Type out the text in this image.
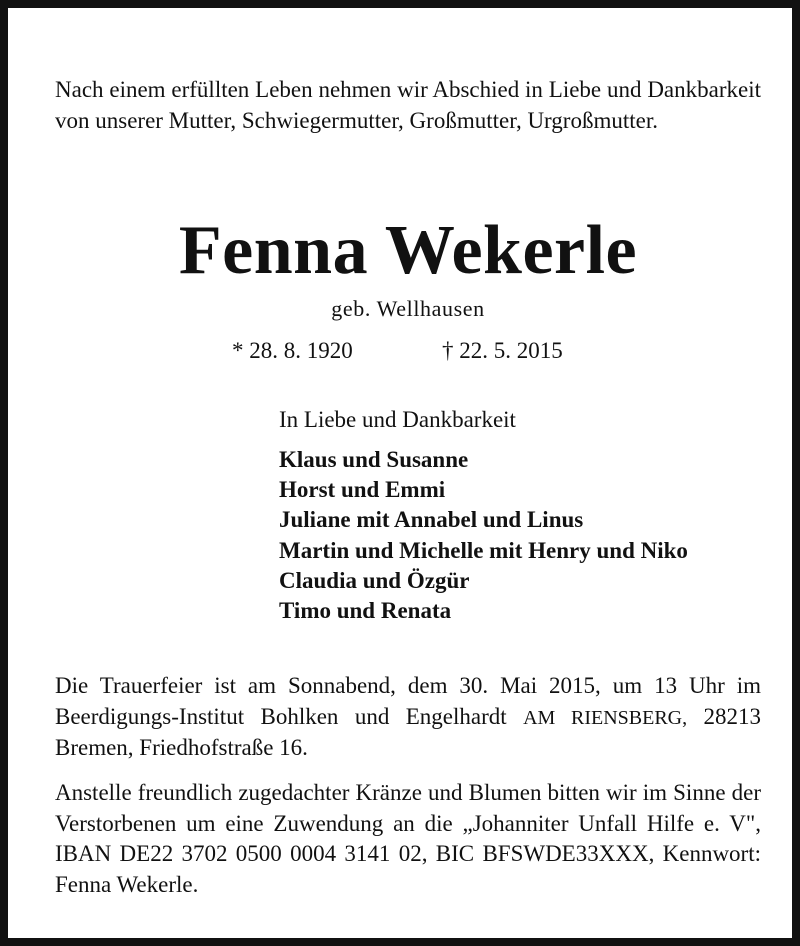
Nach einem erfüllten Leben nehmen wir Abschied in Liebe und Dankbarkeit von unserer Mutter, Schwiegermutter, Großmutter, Urgroßmutter.

Fenna Wekerle

geb. Wellhausen

* 28. 8. 1920	† 22. 5. 2015

In Liebe und Dankbarkeit

Klaus und Susanne
Horst und Emmi
Juliane mit Annabel und Linus
Martin und Michelle mit Henry und Niko
Claudia und Özgür
Timo und Renata

Die Trauerfeier ist am Sonnabend, dem 30. Mai 2015, um 13 Uhr im Beerdigungs-Institut Bohlken und Engelhardt AM RIENSBERG, 28213 Bremen, Friedhofstraße 16.

Anstelle freundlich zugedachter Kränze und Blumen bitten wir im Sinne der Verstorbenen um eine Zuwendung an die „Johanniter Unfall Hilfe e. V", IBAN DE22 3702 0500 0004 3141 02, BIC BFSWDE33XXX, Kennwort: Fenna Wekerle.
